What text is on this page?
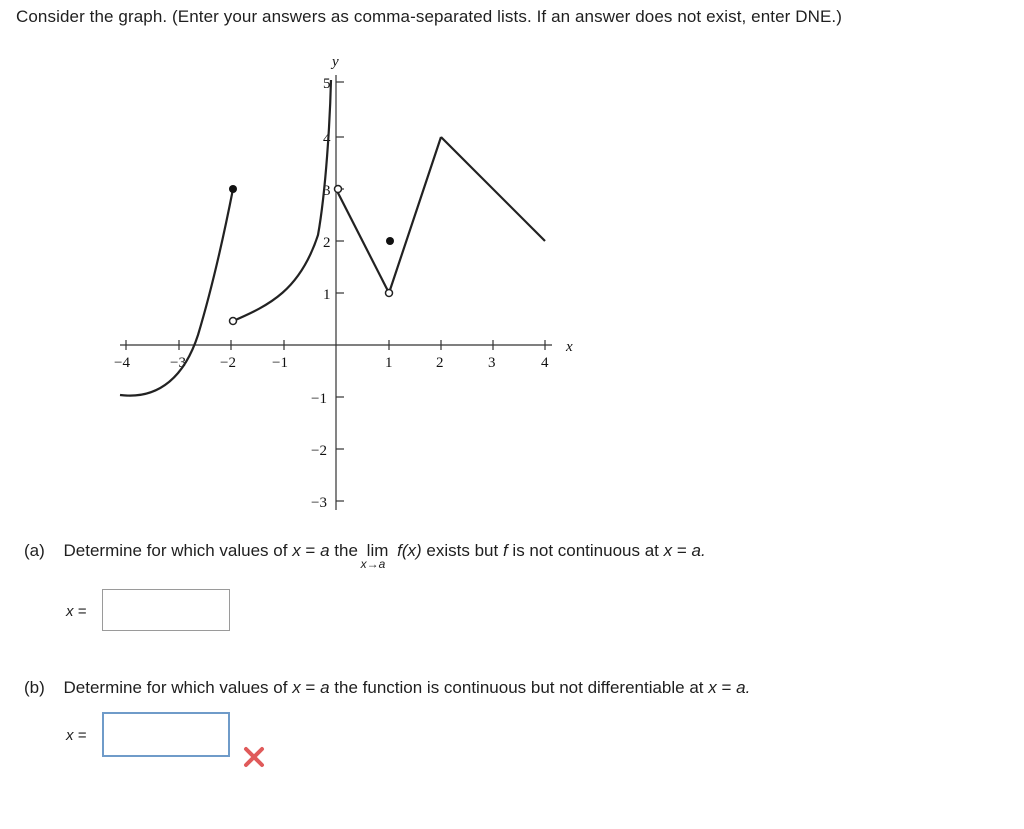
Consider the graph. (Enter your answers as comma-separated lists. If an answer does not exist, enter DNE.)
y
x
−4	−3 −2 −1	1	2	3	4
5
4
3
2
1
−1
−2
−3
(a) Determine for which values of x = a the lim
x→a
f(x) exists but f is not continuous at x = a.
x =
(b) Determine for which values of x = a the function is continuous but not differentiable at x = a.
x =
